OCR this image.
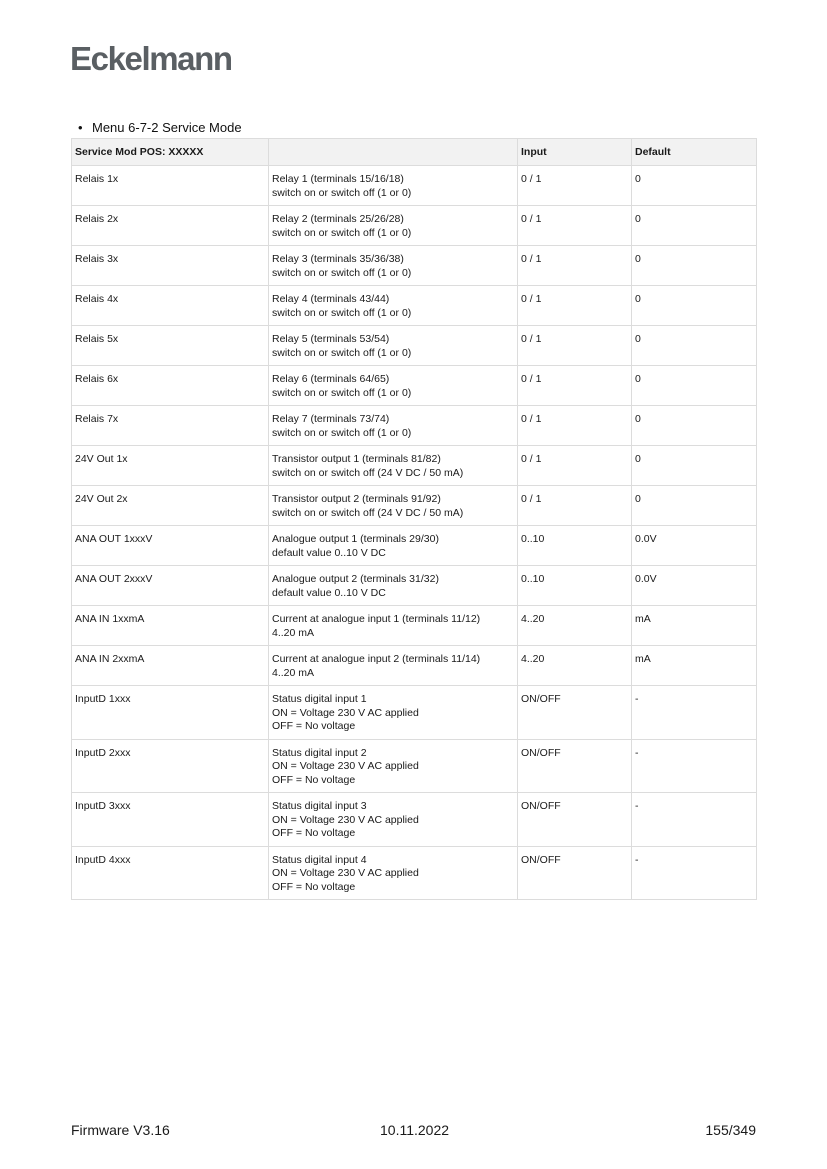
Eckelmann
• Menu 6-7-2 Service Mode
Service Mod POS: XXXXX		Input	Default
Relais 1x	Relay 1 (terminals 15/16/18)
switch on or switch off (1 or 0)	0 / 1	0
Relais 2x	Relay 2 (terminals 25/26/28)
switch on or switch off (1 or 0)	0 / 1	0
Relais 3x	Relay 3 (terminals 35/36/38)
switch on or switch off (1 or 0)	0 / 1	0
Relais 4x	Relay 4 (terminals 43/44)
switch on or switch off (1 or 0)	0 / 1	0
Relais 5x	Relay 5 (terminals 53/54)
switch on or switch off (1 or 0)	0 / 1	0
Relais 6x	Relay 6 (terminals 64/65)
switch on or switch off (1 or 0)	0 / 1	0
Relais 7x	Relay 7 (terminals 73/74)
switch on or switch off (1 or 0)	0 / 1	0
24V Out 1x	Transistor output 1 (terminals 81/82)
switch on or switch off (24 V DC / 50 mA)	0 / 1	0
24V Out 2x	Transistor output 2 (terminals 91/92)
switch on or switch off (24 V DC / 50 mA)	0 / 1	0
ANA OUT 1xxxV	Analogue output 1 (terminals 29/30)
default value 0..10 V DC	0..10	0.0V
ANA OUT 2xxxV	Analogue output 2 (terminals 31/32)
default value 0..10 V DC	0..10	0.0V
ANA IN 1xxmA	Current at analogue input 1 (terminals 11/12)
4..20 mA	4..20	mA
ANA IN 2xxmA	Current at analogue input 2 (terminals 11/14)
4..20 mA	4..20	mA
InputD 1xxx	Status digital input 1
ON = Voltage 230 V AC applied
OFF = No voltage	ON/OFF	-
InputD 2xxx	Status digital input 2
ON = Voltage 230 V AC applied
OFF = No voltage	ON/OFF	-
InputD 3xxx	Status digital input 3
ON = Voltage 230 V AC applied
OFF = No voltage	ON/OFF	-
InputD 4xxx	Status digital input 4
ON = Voltage 230 V AC applied
OFF = No voltage	ON/OFF	-
Firmware V3.16	10.11.2022	155/349
